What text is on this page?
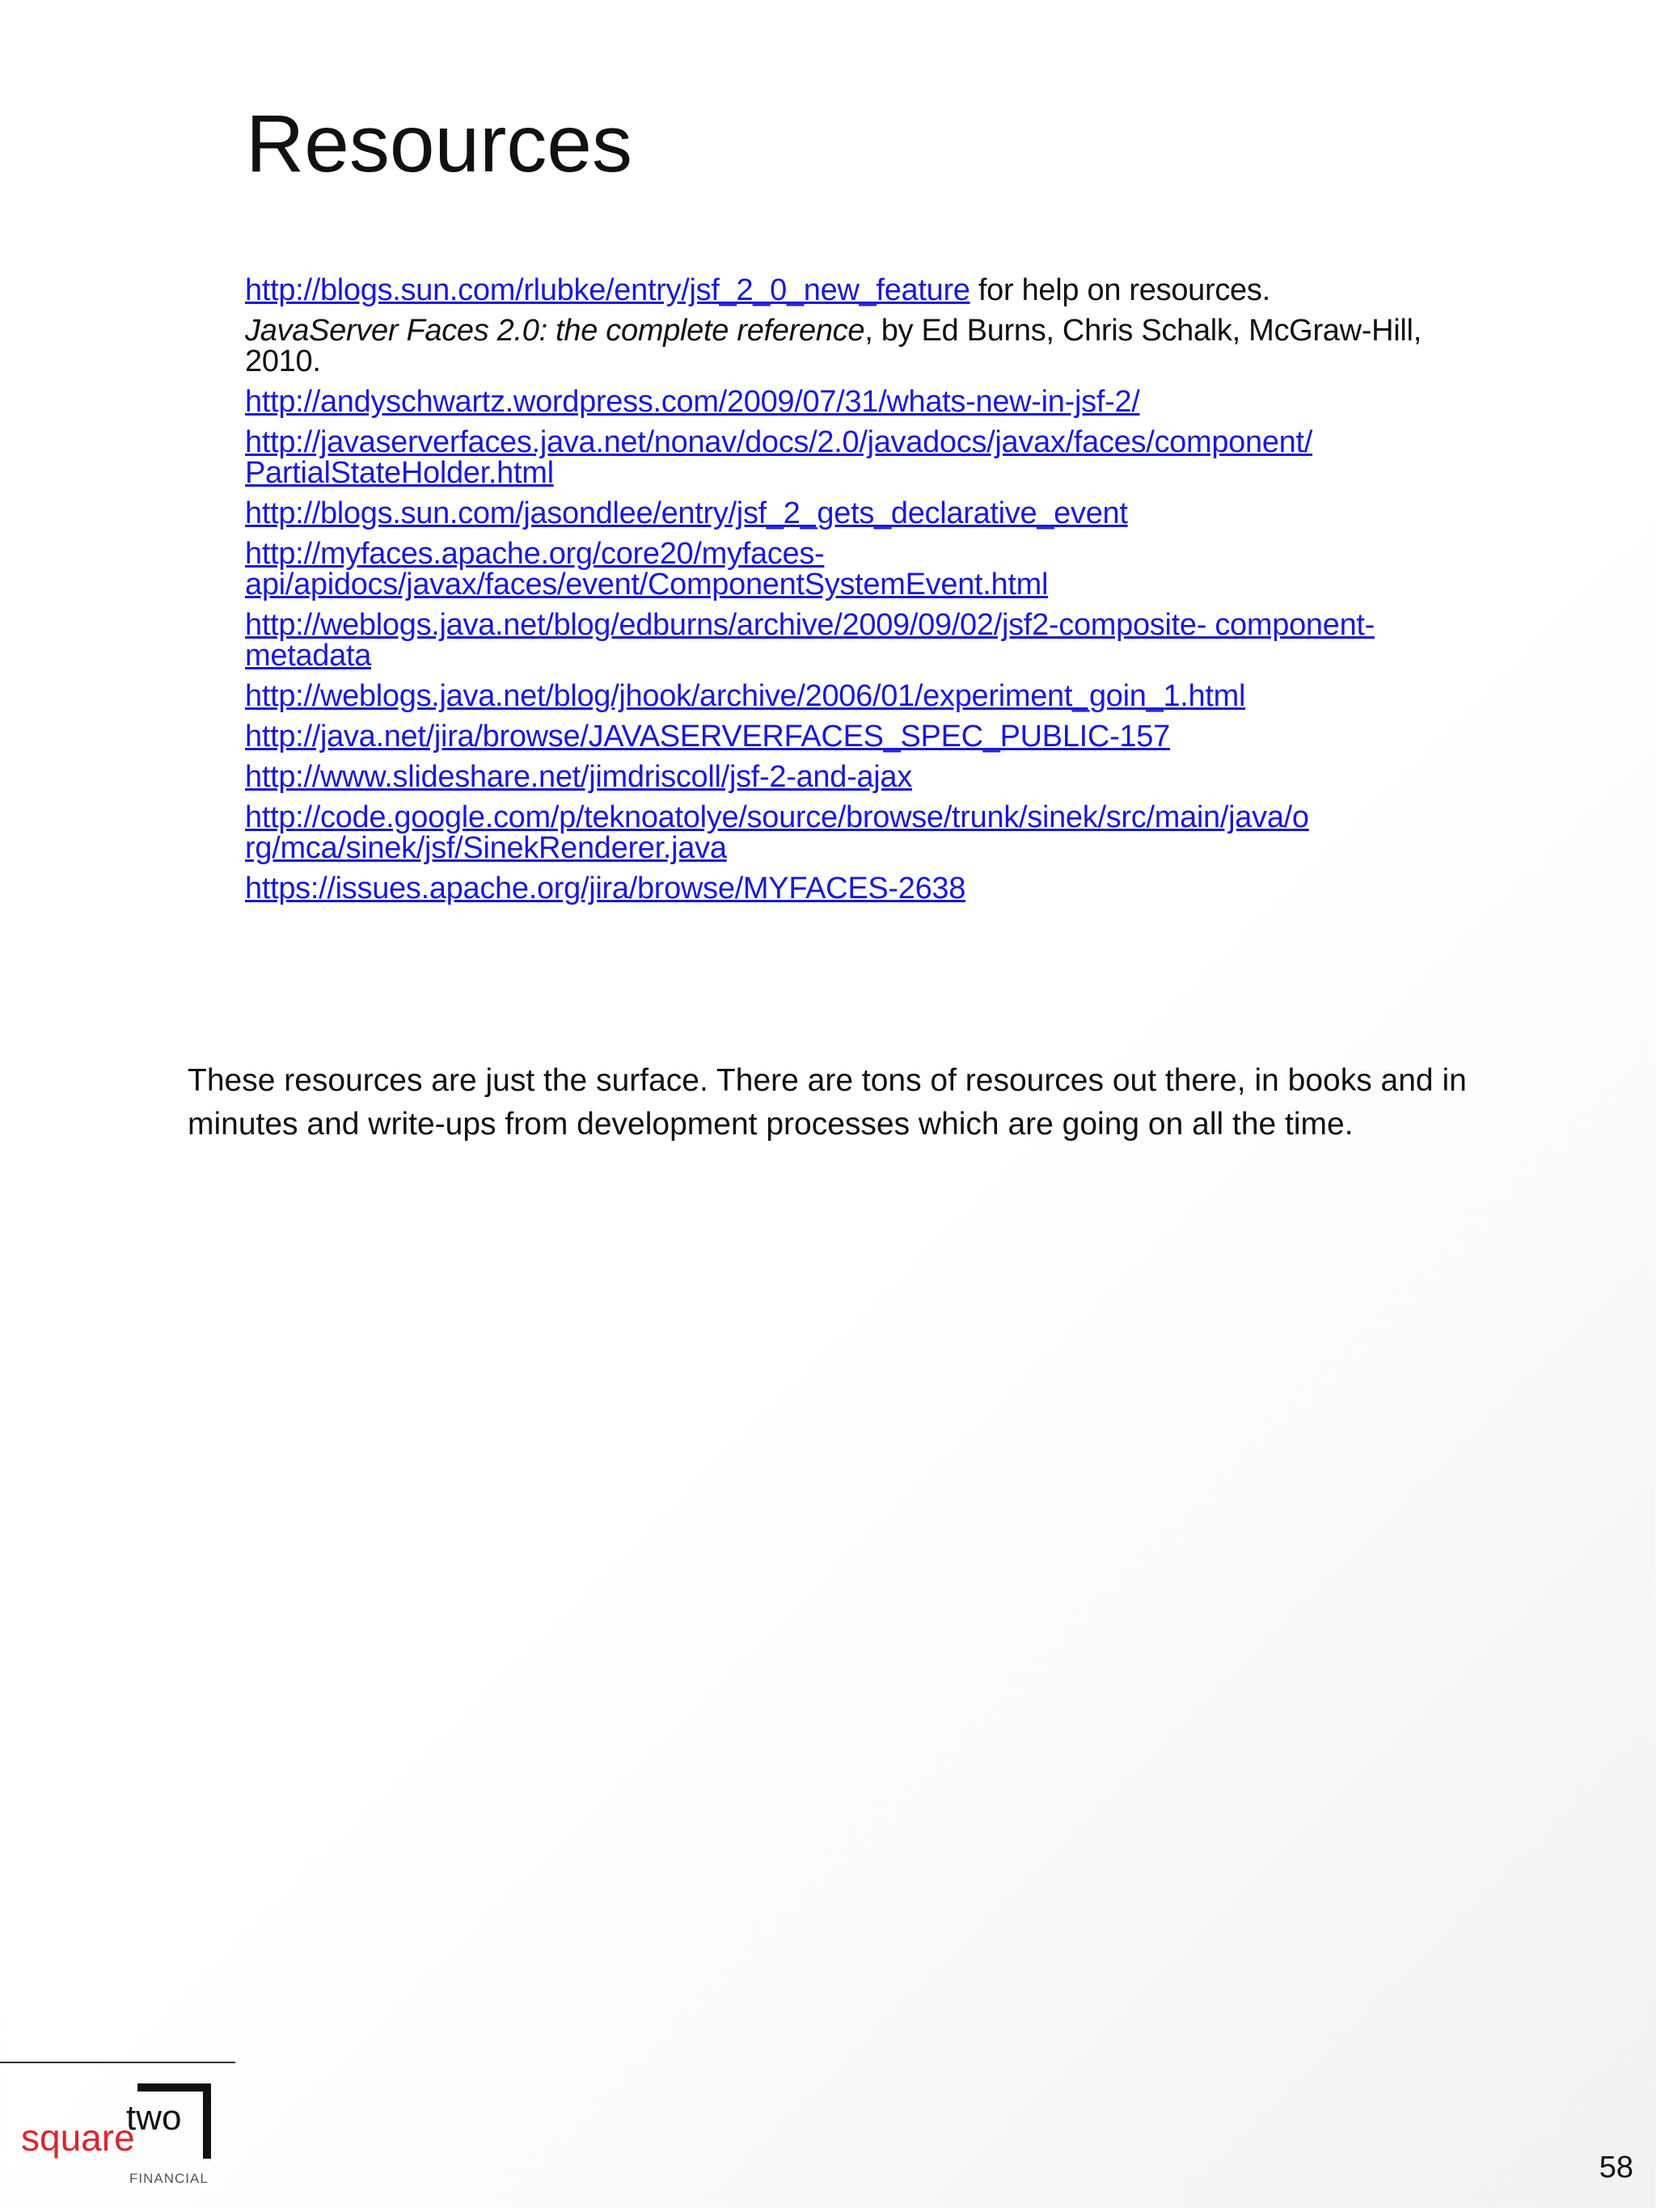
Resources
http://blogs.sun.com/rlubke/entry/jsf_2_0_new_feature for help on resources.
JavaServer Faces 2.0: the complete reference, by Ed Burns, Chris Schalk, McGraw-Hill, 2010.
http://andyschwartz.wordpress.com/2009/07/31/whats-new-in-jsf-2/
http://javaserverfaces.java.net/nonav/docs/2.0/javadocs/javax/faces/component/ PartialStateHolder.html
http://blogs.sun.com/jasondlee/entry/jsf_2_gets_declarative_event
http://myfaces.apache.org/core20/myfaces- api/apidocs/javax/faces/event/ComponentSystemEvent.html
http://weblogs.java.net/blog/edburns/archive/2009/09/02/jsf2-composite- component-metadata
http://weblogs.java.net/blog/jhook/archive/2006/01/experiment_goin_1.html
http://java.net/jira/browse/JAVASERVERFACES_SPEC_PUBLIC-157
http://www.slideshare.net/jimdriscoll/jsf-2-and-ajax
http://code.google.com/p/teknoatolye/source/browse/trunk/sinek/src/main/java/o rg/mca/sinek/jsf/SinekRenderer.java
https://issues.apache.org/jira/browse/MYFACES-2638
These resources are just the surface. There are tons of resources out there, in books and in minutes and write-ups from development processes which are going on all the time.
square
two
FINANCIAL	58
